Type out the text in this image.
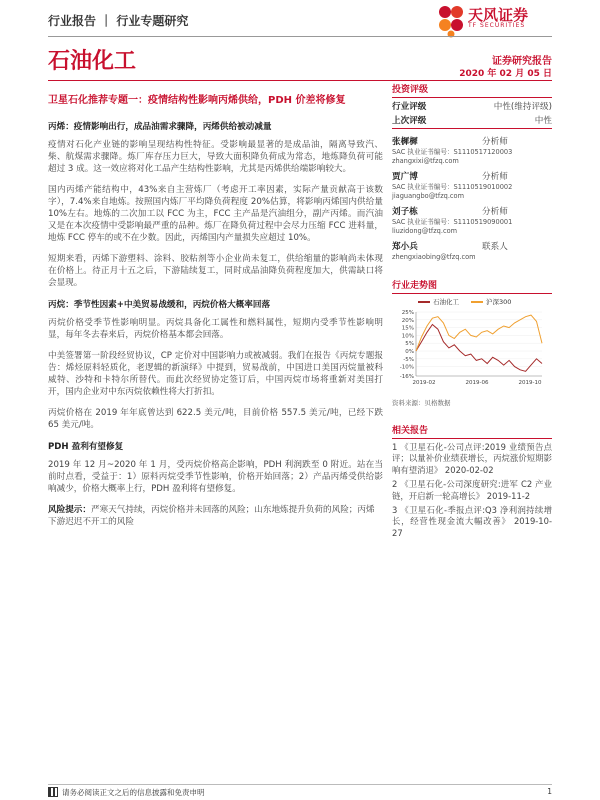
行业报告 ｜ 行业专题研究	天风证券
TF SECURITIES
石油化工	证券研究报告
2020 年 02 月 05 日
卫星石化推荐专题一：疫情结构性影响丙烯供给，PDH 价差将修复
丙烯：疫情影响出行，成品油需求骤降，丙烯供给被动减量
疫情对石化产业链的影响呈现结构性特征。受影响最显著的是成品油，隔离导致汽、柴、航煤需求骤降。炼厂库存压力巨大，导致大面积降负荷成为常态，地炼降负荷可能超过 3 成。这一效应将对化工品产生结构性影响，尤其是丙烯供给端影响较大。
国内丙烯产能结构中，43%来自主营炼厂（考虑开工率因素，实际产量贡献高于该数字），7.4%来自地炼。按照国内炼厂平均降负荷程度 20%估算，将影响丙烯国内供给量 10%左右。地炼的二次加工以 FCC 为主，FCC 主产品是汽油组分，副产丙烯。而汽油又是在本次疫情中受影响最严重的品种。炼厂在降负荷过程中会尽力压缩 FCC 进料量，地炼 FCC 停车的或不在少数。因此，丙烯国内产量损失应超过 10%。
短期来看，丙烯下游塑料、涂料、胶粘剂等小企业尚未复工，供给缩量的影响尚未体现在价格上。待正月十五之后，下游陆续复工，同时成品油降负荷程度加大，供需缺口将会显现。
丙烷：季节性因素+中美贸易战缓和，丙烷价格大概率回落
丙烷价格受季节性影响明显。丙烷具备化工属性和燃料属性，短期内受季节性影响明显，每年冬去春来后，丙烷价格基本都会回落。
中美签署第一阶段经贸协议，CP 定价对中国影响力或被减弱。我们在报告《丙烷专题报告：烯烃原料轻质化，老逻辑的新演绎》中提到，贸易战前，中国进口美国丙烷量被科威特、沙特和卡特尔所替代。而此次经贸协定签订后，中国丙烷市场将重新对美国打开，国内企业对中东丙烷依赖性将大打折扣。
丙烷价格在 2019 年年底曾达到 622.5 美元/吨，目前价格 557.5 美元/吨，已经下跌 65 美元/吨。
PDH 盈利有望修复
2019 年 12 月~2020 年 1 月，受丙烷价格高企影响，PDH 利润跌至 0 附近。站在当前时点看，受益于：1）原料丙烷受季节性影响，价格开始回落；2）产品丙烯受供给影响减少，价格大概率上行，PDH 盈利将有望修复。
风险提示：严寒天气持续，丙烷价格并未回落的风险；山东地炼提升负荷的风险；丙烯下游迟迟不开工的风险
投资评级
行业评级	中性(维持评级)
上次评级	中性
张樨樨	分析师
SAC 执业证书编号：S1110517120003
zhangxixi@tfzq.com
贾广博	分析师
SAC 执业证书编号：S1110519010002
jiaguangbo@tfzq.com
刘子栋	分析师
SAC 执业证书编号：S1110519090001
liuzidong@tfzq.com
郑小兵	联系人
zhengxiaobing@tfzq.com
行业走势图
石油化工	沪深300
-16%
-10%
-5%
0%
5%
10%
15%
20%
25%
2019-02	2019-06	2019-10
资料来源：贝格数据
相关报告
1 《卫星石化-公司点评:2019 业绩预告点评；以量补价业绩获增长，丙烷涨价短期影响有望消退》 2020-02-02
2 《卫星石化-公司深度研究:进军 C2 产业链，开启新一轮高增长》 2019-11-2
3 《卫星石化-季报点评:Q3 净利润持续增长，经营性现金流大幅改善》 2019-10-27
请务必阅读正文之后的信息披露和免责申明	1
